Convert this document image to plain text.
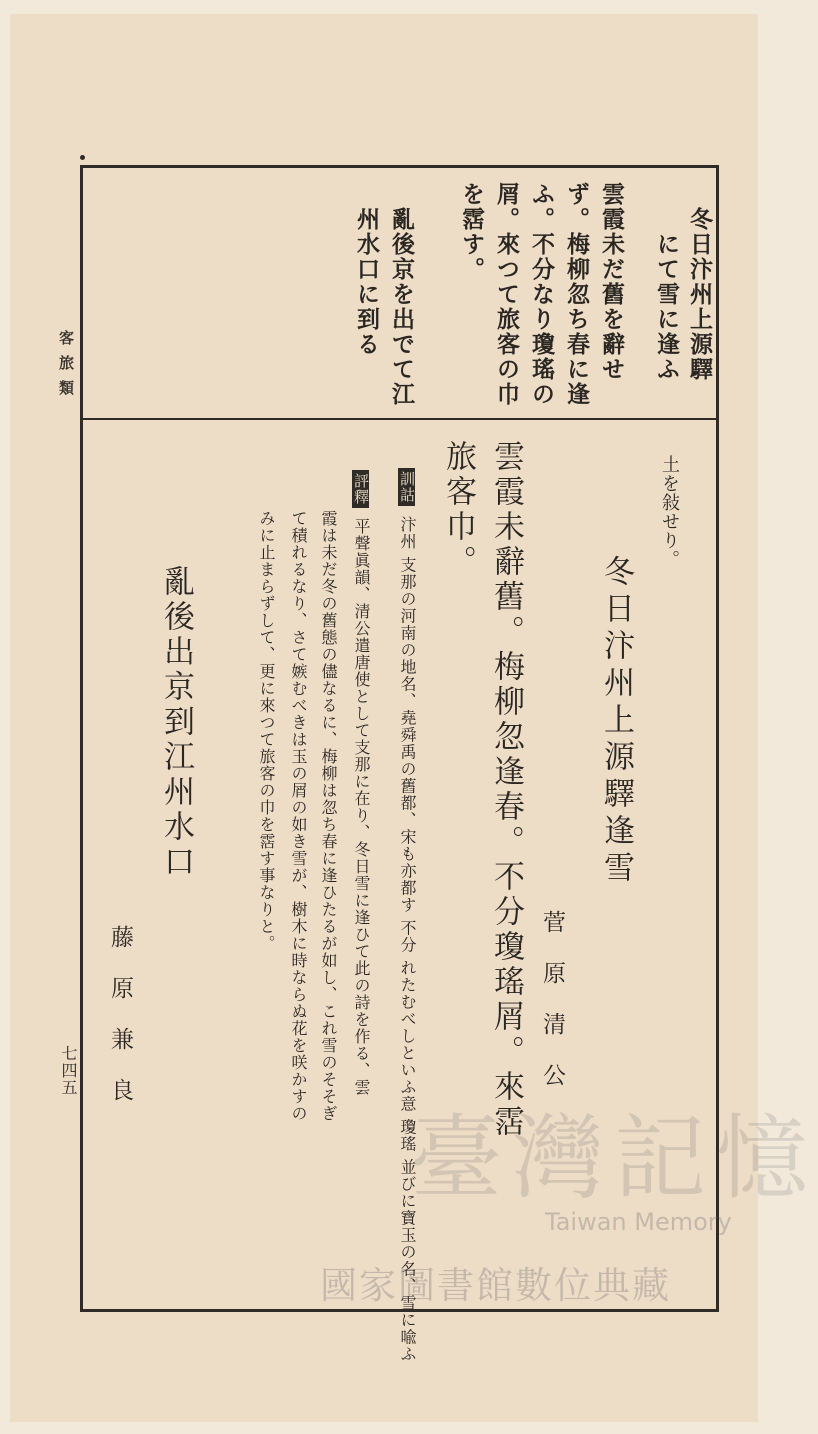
客旅類
七四五
冬日汴州上源驛
にて雪に逢ふ
雲霞未だ舊を辭せ
ず。梅柳忽ち春に逢
ふ。不分なり瓊瑤の
屑。來つて旅客の巾
を霑す。
亂後京を出でて江
州水口に到る
土を敍せり。
冬日汴州上源驛逢雪
菅原清公
雲霞未辭舊。梅柳忽逢春。不分瓊瑤屑。來霑
旅客巾。
訓詁 汴州 支那の河南の地名、堯舜禹の舊都、宋も亦都す 不分 れたむべしといふ意 瓊瑤 並びに寶玉の名、雪に喩ふ
評釋 平聲眞韻、清公遣唐使として支那に在り、冬日雪に逢ひて此の詩を作る、雲
霞は未だ冬の舊態の儘なるに、梅柳は忽ち春に逢ひたるが如し、これ雪のそそぎ
て積れるなり、さて嫉むべきは玉の屑の如き雪が、樹木に時ならぬ花を咲かすの
みに止まらずして、更に來つて旅客の巾を霑す事なりと。
亂後出京到江州水口
藤原兼良
臺灣記憶
Taiwan Memory
國家圖書館數位典藏
